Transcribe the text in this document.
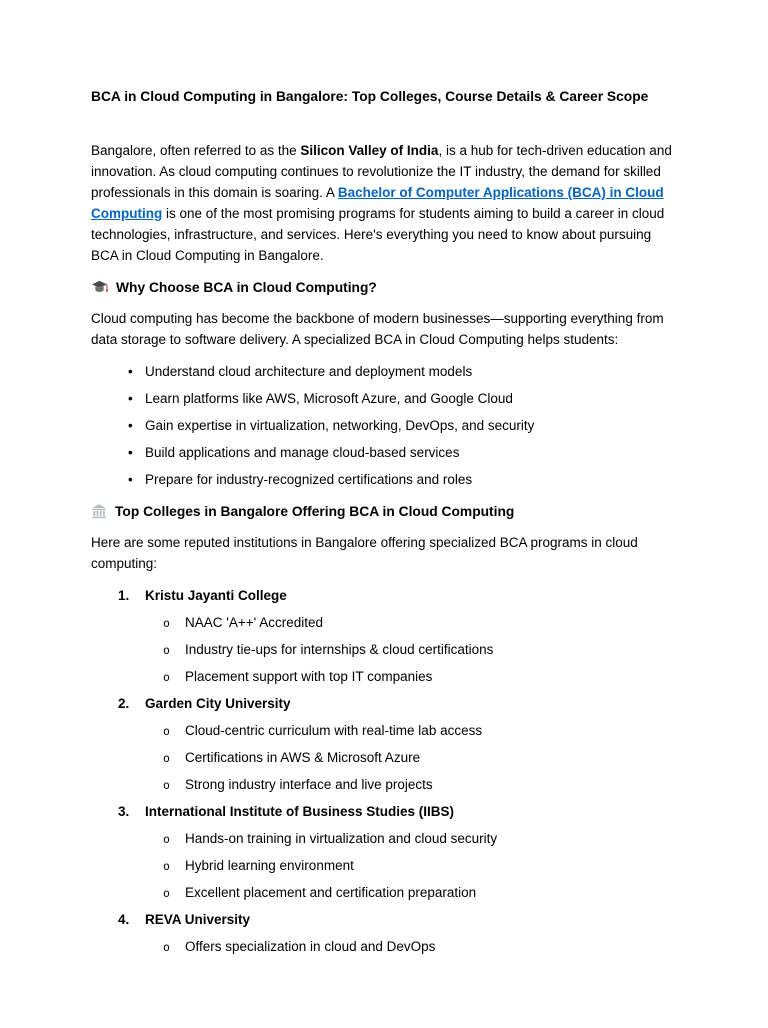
BCA in Cloud Computing in Bangalore: Top Colleges, Course Details & Career Scope

Bangalore, often referred to as the Silicon Valley of India, is a hub for tech-driven education and innovation. As cloud computing continues to revolutionize the IT industry, the demand for skilled professionals in this domain is soaring. A Bachelor of Computer Applications (BCA) in Cloud Computing is one of the most promising programs for students aiming to build a career in cloud technologies, infrastructure, and services. Here's everything you need to know about pursuing BCA in Cloud Computing in Bangalore.

Why Choose BCA in Cloud Computing?

Cloud computing has become the backbone of modern businesses—supporting everything from data storage to software delivery. A specialized BCA in Cloud Computing helps students:

• Understand cloud architecture and deployment models
• Learn platforms like AWS, Microsoft Azure, and Google Cloud
• Gain expertise in virtualization, networking, DevOps, and security
• Build applications and manage cloud-based services
• Prepare for industry-recognized certifications and roles
Top Colleges in Bangalore Offering BCA in Cloud Computing

Here are some reputed institutions in Bangalore offering specialized BCA programs in cloud computing:

1. Kristu Jayanti College
o NAAC 'A++' Accredited
o Industry tie-ups for internships & cloud certifications
o Placement support with top IT companies
2. Garden City University
o Cloud-centric curriculum with real-time lab access
o Certifications in AWS & Microsoft Azure
o Strong industry interface and live projects
3. International Institute of Business Studies (IIBS)
o Hands-on training in virtualization and cloud security
o Hybrid learning environment
o Excellent placement and certification preparation
4. REVA University
o Offers specialization in cloud and DevOps
